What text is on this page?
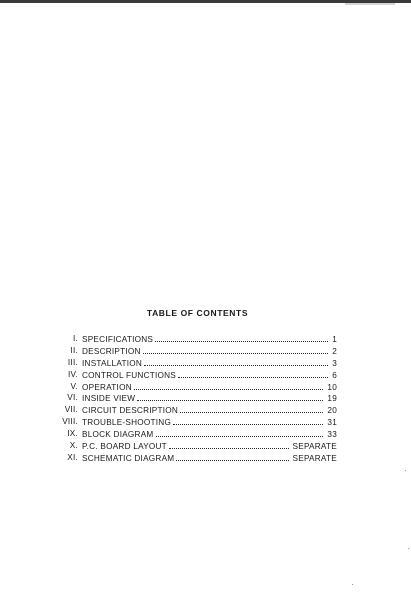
TABLE OF CONTENTS
I. SPECIFICATIONS	1
II. DESCRIPTION	2
III. INSTALLATION	3
IV. CONTROL FUNCTIONS	6
V. OPERATION	10
VI. INSIDE VIEW	19
VII. CIRCUIT DESCRIPTION	20
VIII. TROUBLE-SHOOTING	31
IX. BLOCK DIAGRAM	33
X. P.C. BOARD LAYOUT	SEPARATE
XI. SCHEMATIC DIAGRAM	SEPARATE
